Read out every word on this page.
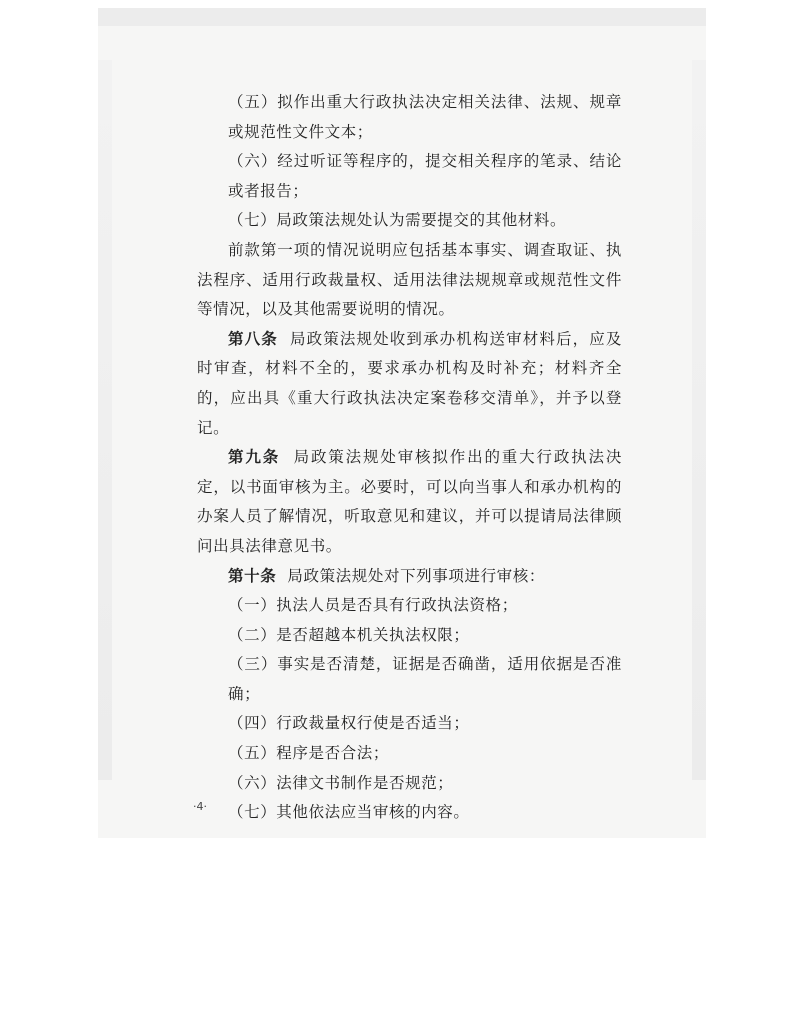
（五）拟作出重大行政执法决定相关法律、法规、规章或规范性文件文本；

（六）经过听证等程序的，提交相关程序的笔录、结论或者报告；

（七）局政策法规处认为需要提交的其他材料。

前款第一项的情况说明应包括基本事实、调查取证、执法程序、适用行政裁量权、适用法律法规规章或规范性文件等情况，以及其他需要说明的情况。

第八条 局政策法规处收到承办机构送审材料后，应及时审查，材料不全的，要求承办机构及时补充；材料齐全的，应出具《重大行政执法决定案卷移交清单》，并予以登记。

第九条 局政策法规处审核拟作出的重大行政执法决定，以书面审核为主。必要时，可以向当事人和承办机构的办案人员了解情况，听取意见和建议，并可以提请局法律顾问出具法律意见书。

第十条 局政策法规处对下列事项进行审核：

（一）执法人员是否具有行政执法资格；

（二）是否超越本机关执法权限；

（三）事实是否清楚，证据是否确凿，适用依据是否准确；

（四）行政裁量权行使是否适当；

（五）程序是否合法；

（六）法律文书制作是否规范；

（七）其他依法应当审核的内容。

·4·
